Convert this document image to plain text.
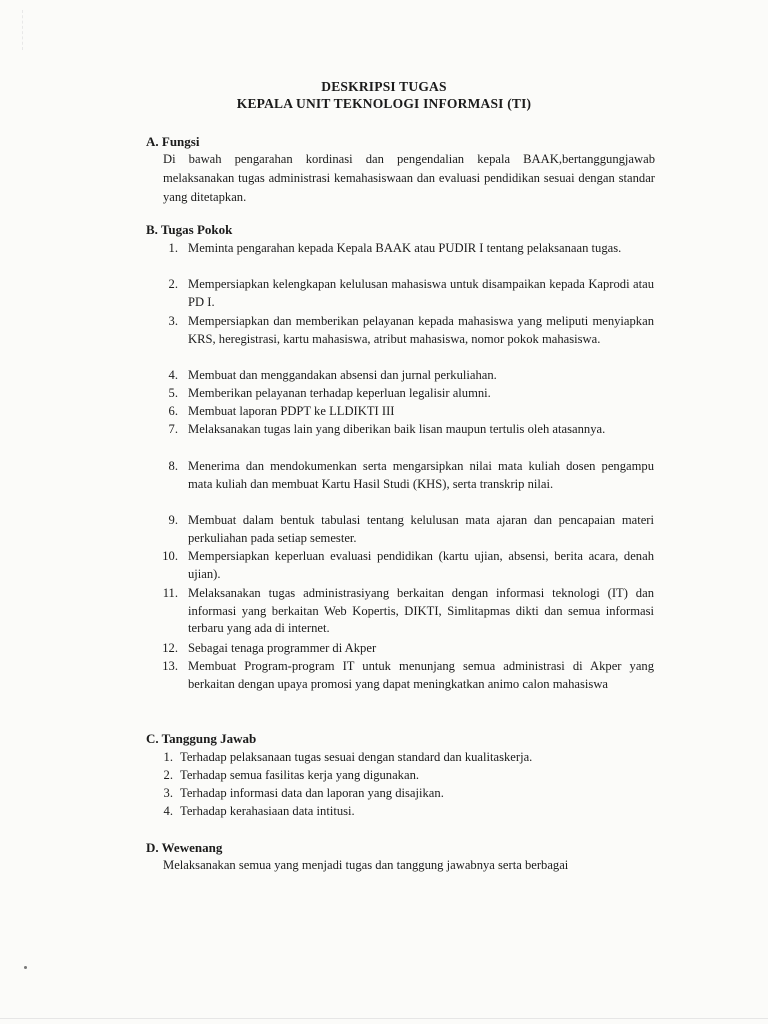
DESKRIPSI TUGAS
KEPALA UNIT TEKNOLOGI INFORMASI (TI)
A. Fungsi
Di bawah pengarahan kordinasi dan pengendalian kepala BAAK,bertanggungjawab melaksanakan tugas administrasi kemahasiswaan dan evaluasi pendidikan sesuai dengan standar yang ditetapkan.
B. Tugas Pokok
1. Meminta pengarahan kepada Kepala BAAK atau PUDIR I tentang pelaksanaan tugas.
2. Mempersiapkan kelengkapan kelulusan mahasiswa untuk disampaikan kepada Kaprodi atau PD I.
3. Mempersiapkan dan memberikan pelayanan kepada mahasiswa yang meliputi menyiapkan KRS, heregistrasi, kartu mahasiswa, atribut mahasiswa, nomor pokok mahasiswa.
4. Membuat dan menggandakan absensi dan jurnal perkuliahan.
5. Memberikan pelayanan terhadap keperluan legalisir alumni.
6. Membuat laporan PDPT ke LLDIKTI III
7. Melaksanakan tugas lain yang diberikan baik lisan maupun tertulis oleh atasannya.
8. Menerima dan mendokumenkan serta mengarsipkan nilai mata kuliah dosen pengampu mata kuliah dan membuat Kartu Hasil Studi (KHS), serta transkrip nilai.
9. Membuat dalam bentuk tabulasi tentang kelulusan mata ajaran dan pencapaian materi perkuliahan pada setiap semester.
10. Mempersiapkan keperluan evaluasi pendidikan (kartu ujian, absensi, berita acara, denah ujian).
11. Melaksanakan tugas administrasiyang berkaitan dengan informasi teknologi (IT) dan informasi yang berkaitan Web Kopertis, DIKTI, Simlitapmas dikti dan semua informasi terbaru yang ada di internet.
12. Sebagai tenaga programmer di Akper
13. Membuat Program-program IT untuk menunjang semua administrasi di Akper yang berkaitan dengan upaya promosi yang dapat meningkatkan animo calon mahasiswa
C. Tanggung Jawab
1. Terhadap pelaksanaan tugas sesuai dengan standard dan kualitaskerja.
2. Terhadap semua fasilitas kerja yang digunakan.
3. Terhadap informasi data dan laporan yang disajikan.
4. Terhadap kerahasiaan data intitusi.
D. Wewenang
Melaksanakan semua yang menjadi tugas dan tanggung jawabnya serta berbagai
